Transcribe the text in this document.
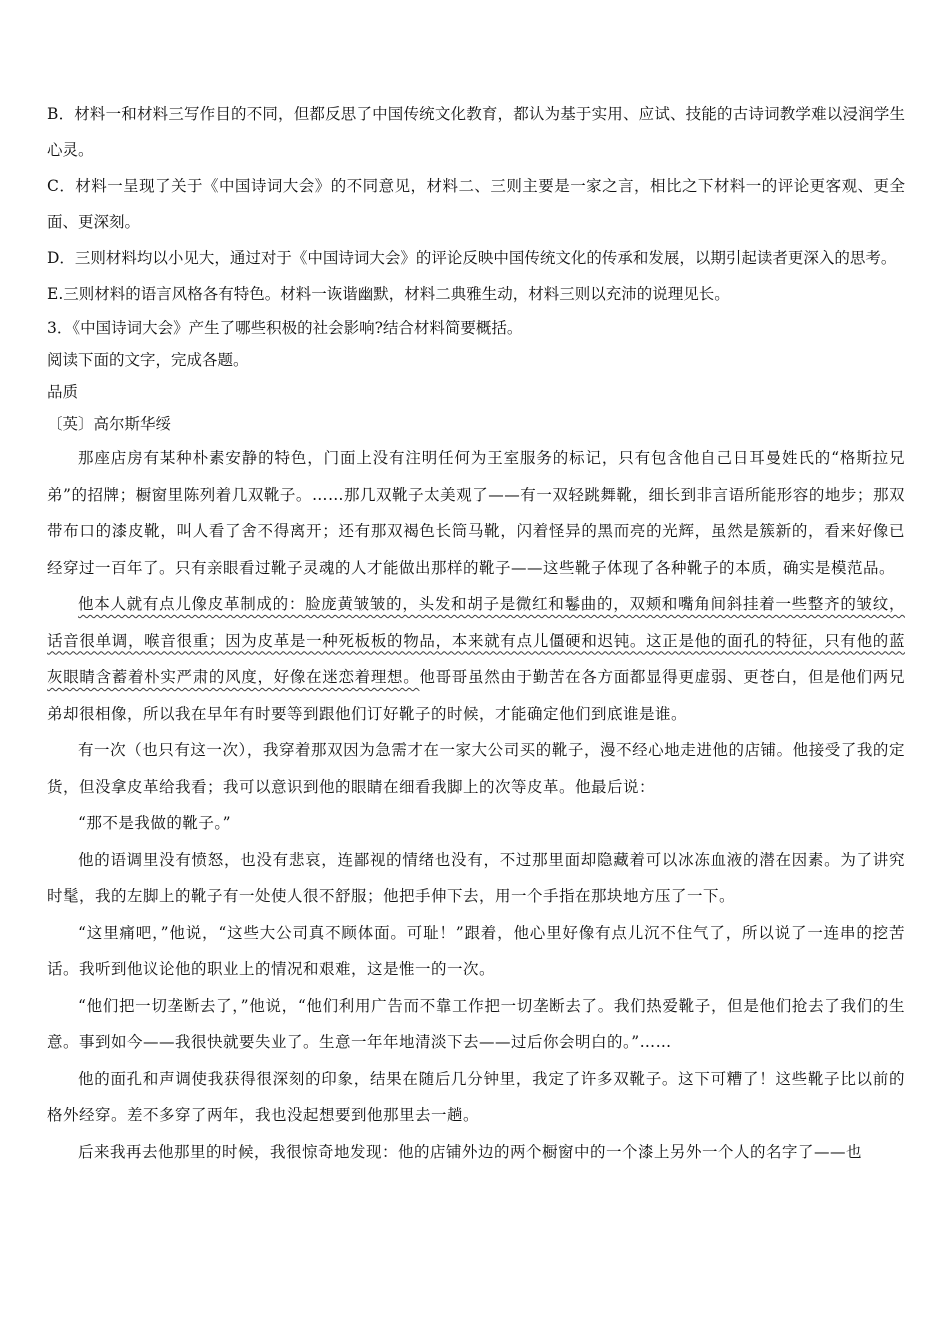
B．材料一和材料三写作目的不同，但都反思了中国传统文化教育，都认为基于实用、应试、技能的古诗词教学难以浸润学生心灵。

C．材料一呈现了关于《中国诗词大会》的不同意见，材料二、三则主要是一家之言，相比之下材料一的评论更客观、更全面、更深刻。

D．三则材料均以小见大，通过对于《中国诗词大会》的评论反映中国传统文化的传承和发展，以期引起读者更深入的思考。

E.三则材料的语言风格各有特色。材料一诙谐幽默，材料二典雅生动，材料三则以充沛的说理见长。

3．《中国诗词大会》产生了哪些积极的社会影响?结合材料简要概括。

阅读下面的文字，完成各题。

品质

〔英〕高尔斯华绥

那座店房有某种朴素安静的特色，门面上没有注明任何为王室服务的标记，只有包含他自己日耳曼姓氏的“格斯拉兄弟”的招牌；橱窗里陈列着几双靴子。……那几双靴子太美观了——有一双轻跳舞靴，细长到非言语所能形容的地步；那双带布口的漆皮靴，叫人看了舍不得离开；还有那双褐色长筒马靴，闪着怪异的黑而亮的光辉，虽然是簇新的，看来好像已经穿过一百年了。只有亲眼看过靴子灵魂的人才能做出那样的靴子——这些靴子体现了各种靴子的本质，确实是模范品。

他本人就有点儿像皮革制成的：脸庞黄皱皱的，头发和胡子是微红和鬈曲的，双颊和嘴角间斜挂着一些整齐的皱纹，话音很单调，喉音很重；因为皮革是一种死板板的物品，本来就有点儿僵硬和迟钝。这正是他的面孔的特征，只有他的蓝灰眼睛含蓄着朴实严肃的风度，好像在迷恋着理想。他哥哥虽然由于勤苦在各方面都显得更虚弱、更苍白，但是他们两兄弟却很相像，所以我在早年有时要等到跟他们订好靴子的时候，才能确定他们到底谁是谁。

有一次（也只有这一次），我穿着那双因为急需才在一家大公司买的靴子，漫不经心地走进他的店铺。他接受了我的定货，但没拿皮革给我看；我可以意识到他的眼睛在细看我脚上的次等皮革。他最后说：

“那不是我做的靴子。”

他的语调里没有愤怒，也没有悲哀，连鄙视的情绪也没有，不过那里面却隐藏着可以冰冻血液的潜在因素。为了讲究时髦，我的左脚上的靴子有一处使人很不舒服；他把手伸下去，用一个手指在那块地方压了一下。

“这里痛吧，”他说，“这些大公司真不顾体面。可耻！”跟着，他心里好像有点儿沉不住气了，所以说了一连串的挖苦话。我听到他议论他的职业上的情况和艰难，这是惟一的一次。

“他们把一切垄断去了，”他说，“他们利用广告而不靠工作把一切垄断去了。我们热爱靴子，但是他们抢去了我们的生意。事到如今——我很快就要失业了。生意一年年地清淡下去——过后你会明白的。”……

他的面孔和声调使我获得很深刻的印象，结果在随后几分钟里，我定了许多双靴子。这下可糟了！这些靴子比以前的格外经穿。差不多穿了两年，我也没起想要到他那里去一趟。

后来我再去他那里的时候，我很惊奇地发现：他的店铺外边的两个橱窗中的一个漆上另外一个人的名字了——也
